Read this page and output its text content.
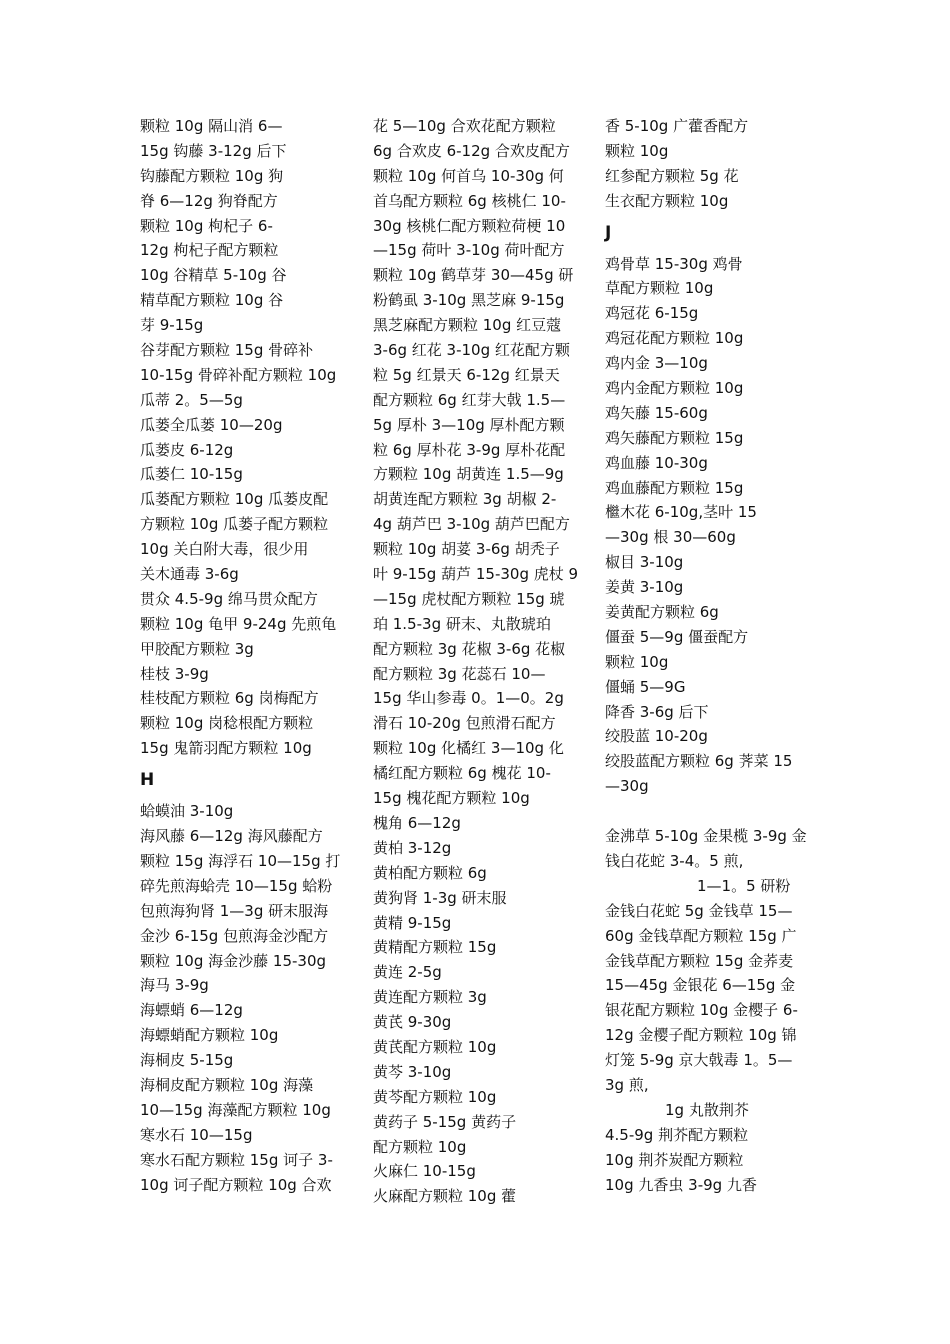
颗粒 10g 隔山消 6—
15g 钩藤 3-12g 后下
钩藤配方颗粒 10g 狗
脊 6—12g 狗脊配方
颗粒 10g 枸杞子 6-
12g 枸杞子配方颗粒
10g 谷精草 5-10g 谷
精草配方颗粒 10g 谷
芽 9-15g
谷芽配方颗粒 15g 骨碎补
10-15g 骨碎补配方颗粒 10g
瓜蒂 2。5—5g
瓜蒌全瓜蒌 10—20g
瓜蒌皮 6-12g
瓜蒌仁 10-15g
瓜蒌配方颗粒 10g 瓜蒌皮配
方颗粒 10g 瓜蒌子配方颗粒
10g 关白附大毒，很少用
关木通毒 3-6g
贯众 4.5-9g 绵马贯众配方
颗粒 10g 龟甲 9-24g 先煎龟
甲胶配方颗粒 3g
桂枝 3-9g
桂枝配方颗粒 6g 岗梅配方
颗粒 10g 岗稔根配方颗粒
15g 鬼箭羽配方颗粒 10g
H
蛤蟆油 3-10g
海风藤 6—12g 海风藤配方
颗粒 15g 海浮石 10—15g 打
碎先煎海蛤壳 10—15g 蛤粉
包煎海狗肾 1—3g 研末服海
金沙 6-15g 包煎海金沙配方
颗粒 10g 海金沙藤 15-30g
海马 3-9g
海螵蛸 6—12g
海螵蛸配方颗粒 10g
海桐皮 5-15g
海桐皮配方颗粒 10g 海藻
10—15g 海藻配方颗粒 10g
寒水石 10—15g
寒水石配方颗粒 15g 诃子 3-
10g 诃子配方颗粒 10g 合欢
花 5—10g 合欢花配方颗粒
6g 合欢皮 6-12g 合欢皮配方
颗粒 10g 何首乌 10-30g 何
首乌配方颗粒 6g 核桃仁 10-
30g 核桃仁配方颗粒荷梗 10
—15g 荷叶 3-10g 荷叶配方
颗粒 10g 鹤草芽 30—45g 研
粉鹤虱 3-10g 黑芝麻 9-15g
黑芝麻配方颗粒 10g 红豆蔻
3-6g 红花 3-10g 红花配方颗
粒 5g 红景天 6-12g 红景天
配方颗粒 6g 红芽大戟 1.5—
5g 厚朴 3—10g 厚朴配方颗
粒 6g 厚朴花 3-9g 厚朴花配
方颗粒 10g 胡黄连 1.5—9g
胡黄连配方颗粒 3g 胡椒 2-
4g 葫芦巴 3-10g 葫芦巴配方
颗粒 10g 胡荽 3-6g 胡秃子
叶 9-15g 葫芦 15-30g 虎杖 9
—15g 虎杖配方颗粒 15g 琥
珀 1.5-3g 研末、丸散琥珀
配方颗粒 3g 花椒 3-6g 花椒
配方颗粒 3g 花蕊石 10—
15g 华山参毒 0。1—0。2g
滑石 10-20g 包煎滑石配方
颗粒 10g 化橘红 3—10g 化
橘红配方颗粒 6g 槐花 10-
15g 槐花配方颗粒 10g
槐角 6—12g
黄柏 3-12g
黄柏配方颗粒 6g
黄狗肾 1-3g 研末服
黄精 9-15g
黄精配方颗粒 15g
黄连 2-5g
黄连配方颗粒 3g
黄芪 9-30g
黄芪配方颗粒 10g
黄芩 3-10g
黄芩配方颗粒 10g
黄药子 5-15g 黄药子
配方颗粒 10g
火麻仁 10-15g
火麻配方颗粒 10g 藿
香 5-10g 广藿香配方
颗粒 10g
红参配方颗粒 5g 花
生衣配方颗粒 10g
J
鸡骨草 15-30g 鸡骨
草配方颗粒 10g
鸡冠花 6-15g
鸡冠花配方颗粒 10g
鸡内金 3—10g
鸡内金配方颗粒 10g
鸡矢藤 15-60g
鸡矢藤配方颗粒 15g
鸡血藤 10-30g
鸡血藤配方颗粒 15g
檵木花 6-10g,茎叶 15
—30g 根 30—60g
椒目 3-10g
姜黄 3-10g
姜黄配方颗粒 6g
僵蚕 5—9g 僵蚕配方
颗粒 10g
僵蛹 5—9G
降香 3-6g 后下
绞股蓝 10-20g
绞股蓝配方颗粒 6g 荠菜 15
—30g
金沸草 5-10g 金果榄 3-9g 金
钱白花蛇 3-4。5 煎,
1—1。5 研粉
金钱白花蛇 5g 金钱草 15—
60g 金钱草配方颗粒 15g 广
金钱草配方颗粒 15g 金荞麦
15—45g 金银花 6—15g 金
银花配方颗粒 10g 金樱子 6-
12g 金樱子配方颗粒 10g 锦
灯笼 5-9g 京大戟毒 1。5—
3g 煎,
1g 丸散荆芥
4.5-9g 荆芥配方颗粒
10g 荆芥炭配方颗粒
10g 九香虫 3-9g 九香
